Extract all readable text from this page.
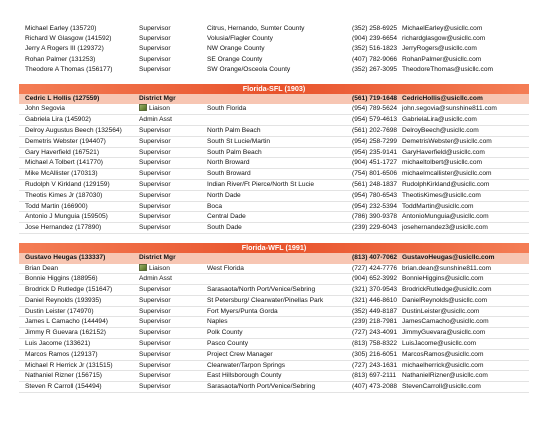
Michael Earley (135720)	Supervisor	Citrus, Hernando, Sumter County	(352) 258-6925 MichaelEarley@usicllc.com
Richard W Glasgow (141592)	Supervisor	Volusia/Flagler County	(904) 239-6654 richardglasgow@usicllc.com
Jerry A Rogers III (129372)	Supervisor	NW Orange County	(352) 516-1823 JerryRogers@usicllc.com
Rohan Palmer (131253)	Supervisor	SE Orange County	(407) 782-9066 RohanPalmer@usicllc.com
Theodore A Thomas (156177)	Supervisor	SW Orange/Osceola County	(352) 267-3095 TheodoreThomas@usicllc.com
Florida-SFL (1903)
Cedric L Hollis (127559)	District Mgr	(561) 719-1648 CedricHollis@usicllc.com
John Segovia	Liaison	South Florida	(954) 789-5624 john.segovia@sunshine811.com
Gabriela Lira (145902)	Admin Asst	(954) 579-4613 GabrielaLira@usicllc.com
Delroy Augustus Beech (132564)	Supervisor	North Palm Beach	(561) 202-7698 DelroyBeech@usicllc.com
Demetris Webster (194407)	Supervisor	South St Lucie/Martin	(954) 258-7299 DemetrisWebster@usicllc.com
Gary Haverfield (167521)	Supervisor	South Palm Beach	(954) 235-9141 GaryHaverfield@usicllc.com
Michael A Tolbert (141770)	Supervisor	North Broward	(904) 451-1727 michaeltolbert@usicllc.com
Mike McAllister (170313)	Supervisor	South Broward	(754) 801-6506 michaelmcallister@usicllc.com
Rudolph V Kirkland (129159)	Supervisor	Indian River/Ft Pierce/North St Lucie	(561) 248-1837 RudolphKirkland@usicllc.com
Theotis Kimes Jr (187030)	Supervisor	North Dade	(954) 780-6543 TheotisKimes@usicllc.com
Todd Martin (166900)	Supervisor	Boca	(954) 232-5394 ToddMartin@usicllc.com
Antonio J Munguia (159505)	Supervisor	Central Dade	(786) 390-9378 AntonioMunguia@usicllc.com
Jose Hernandez (177890)	Supervisor	South Dade	(239) 229-6043 josehernandez3@usicllc.com
Florida-WFL (1991)
Gustavo Heugas (133337)	District Mgr	(813) 407-7062 GustavoHeugas@usicllc.com
Brian Dean	Liaison	West Florida	(727) 424-7776 brian.dean@sunshine811.com
Bonnie Higgins (188956)	Admin Asst	(904) 652-3992 BonnieHiggins@usicllc.com
Brodrick D Rutledge (151647)	Supervisor	Sarasaota/North Port/Venice/Sebring	(321) 370-9543 BrodrickRutledge@usicllc.com
Daniel Reynolds (193935)	Supervisor	St Petersburg/ Clearwater/Pinellas Park	(321) 446-8610 DanielReynolds@usicllc.com
Dustin Leister (174970)	Supervisor	Fort Myers/Punta Gorda	(352) 449-8187 DustinLeister@usicllc.com
James L Camacho (144494)	Supervisor	Naples	(239) 218-7981 JamesCamacho@usicllc.com
Jimmy R Guevara (162152)	Supervisor	Polk County	(727) 243-4091 JimmyGuevara@usicllc.com
Luis Jacome (133621)	Supervisor	Pasco County	(813) 758-8322 LuisJacome@usicllc.com
Marcos Ramos (129137)	Supervisor	Project Crew Manager	(305) 216-6051 MarcosRamos@usicllc.com
Michael R Herrick Jr (131515)	Supervisor	Clearwater/Tarpon Springs	(727) 243-1631 michaelherrick@usicllc.com
Nathaniel Rizner (156715)	Supervisor	East Hillsborough County	(813) 697-2111 NathanielRizner@usicllc.com
Steven R Carroll (154494)	Supervisor	Sarasaota/North Port/Venice/Sebring	(407) 473-2088 StevenCarroll@usicllc.com
